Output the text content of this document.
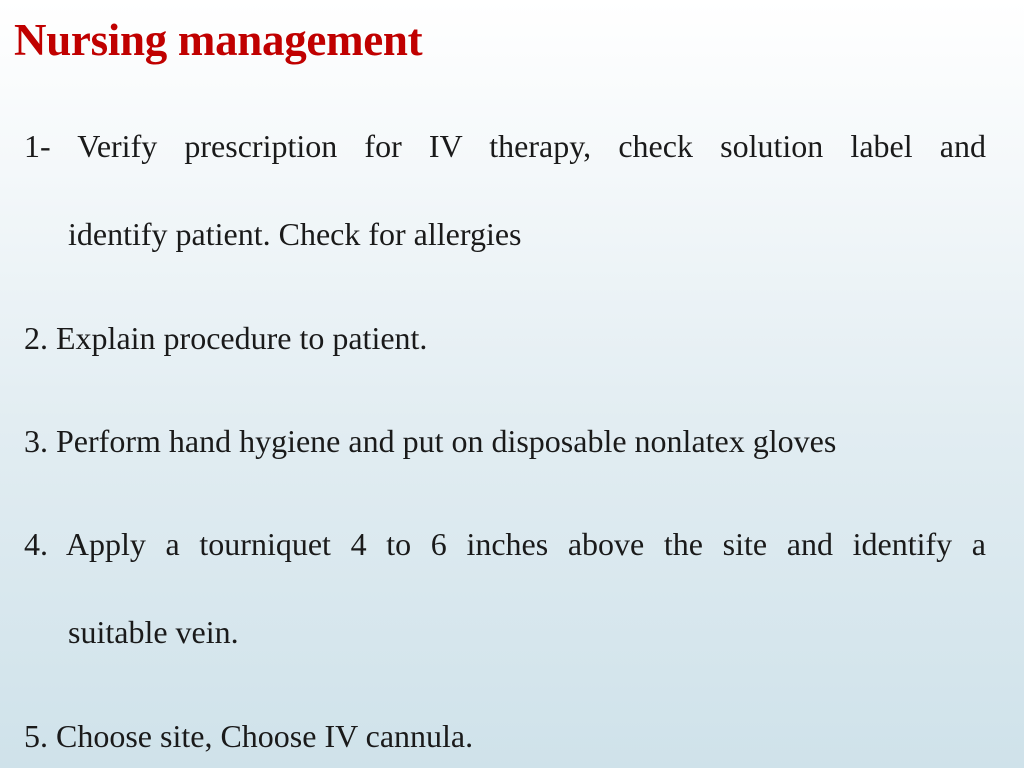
Nursing management
1- Verify prescription for IV therapy, check solution label and
identify patient. Check for allergies
2. Explain procedure to patient.
3. Perform hand hygiene and put on disposable nonlatex gloves
4. Apply a tourniquet 4 to 6 inches above the site and identify a
suitable vein.
5. Choose site, Choose IV cannula.
